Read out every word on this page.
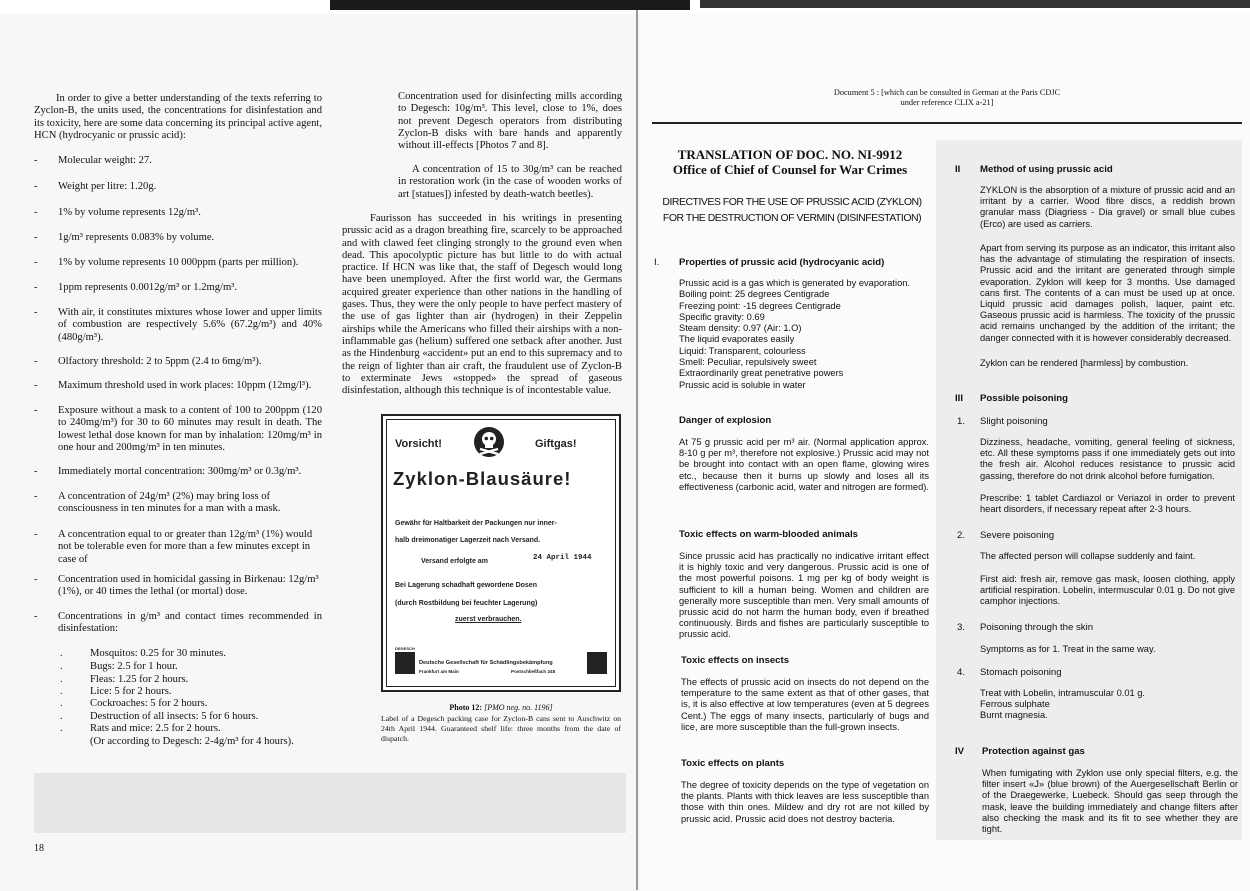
In order to give a better understanding of the texts referring to Zyclon-B, the units used, the concentrations for disinfestation and its toxicity, here are some data concerning its principal active agent, HCN (hydrocyanic or prussic acid):
- Molecular weight: 27.
- Weight per litre: 1.20g.
- 1% by volume represents 12g/m³.
- 1g/m³ represents 0.083% by volume.
- 1% by volume represents 10 000ppm (parts per million).
- 1ppm represents 0.0012g/m³ or 1.2mg/m³.
- With air, it constitutes mixtures whose lower and upper limits of combustion are respectively 5.6% (67.2g/m³) and 40% (480g/m³).
- Olfactory threshold: 2 to 5ppm (2.4 to 6mg/m³).
- Maximum threshold used in work places: 10ppm (12mg/l³).
- Exposure without a mask to a content of 100 to 200ppm (120 to 240mg/m³) for 30 to 60 minutes may result in death. The lowest lethal dose known for man by inhalation: 120mg/m³ in one hour and 200mg/m³ in ten minutes.
- Immediately mortal concentration: 300mg/m³ or 0.3g/m³.
- A concentration of 24g/m³ (2%) may bring loss of consciousness in ten minutes for a man with a mask.
- A concentration equal to or greater than 12g/m³ (1%) would not be tolerable even for more than a few minutes except in case of
- Concentration used in homicidal gassing in Birkenau: 12g/m³ (1%), or 40 times the lethal (or mortal) dose.
- Concentrations in g/m³ and contact times recommended in disinfestation:
.	Mosquitos: 0.25 for 30 minutes.
.	Bugs: 2.5 for 1 hour.
.	Fleas: 1.25 for 2 hours.
.	Lice: 5 for 2 hours.
.	Cockroaches: 5 for 2 hours.
.	Destruction of all insects: 5 for 6 hours.
.	Rats and mice: 2.5 for 2 hours.
(Or according to Degesch: 2-4g/m³ for 4 hours).
Concentration used for disinfecting mills according to Degesch: 10g/m³. This level, close to 1%, does not prevent Degesch operators from distributing Zyclon-B disks with bare hands and apparently without ill-effects [Photos 7 and 8].
A concentration of 15 to 30g/m³ can be reached in restoration work (in the case of wooden works of art [statues]) infested by death-watch beetles).
Faurisson has succeeded in his writings in presenting prussic acid as a dragon breathing fire, scarcely to be approached and with clawed feet clinging strongly to the ground even when dead. This apocolyptic picture has but little to do with actual practice. If HCN was like that, the staff of Degesch would long have been unemployed. After the first world war, the Germans acquired greater experience than other nations in the handling of gases. Thus, they were the only people to have perfect mastery of the use of gas lighter than air (hydrogen) in their Zeppelin airships while the Americans who filled their airships with a non-inflammable gas (helium) suffered one setback after another. Just as the Hindenburg «accident» put an end to this supremacy and to the reign of lighter than air craft, the fraudulent use of Zyclon-B to exterminate Jews «stopped» the spread of gaseous disinfestation, although this technique is of incontestable value.
Vorsicht!	Giftgas!
Zyklon-Blausäure!
Gewähr für Haltbarkeit der Packungen nur inner-
halb dreimonatiger Lagerzeit nach Versand.
Versand erfolgte am	24 April 1944
Bei Lagerung schadhaft gewordene Dosen
(durch Rostbildung bei feuchter Lagerung)
zuerst verbrauchen.
Deutsche Gesellschaft für Schädlingsbekämpfung
Frankfurt am Main	Postschließfach 248
DEGESCH
Photo 12: [PMO neg. no. 1196]
Label of a Degesch packing case for Zyclon-B cans sent to Auschwitz on 24th April 1944. Guaranteed shelf life: three months from the date of dispatch.
18
Document 5 : [which can be consulted in German at the Paris CDJC
under reference CLIX a-21]
TRANSLATION OF DOC. NO. NI-9912
Office of Chief of Counsel for War Crimes
DIRECTIVES FOR THE USE OF PRUSSIC ACID (ZYKLON)
FOR THE DESTRUCTION OF VERMIN (DISINFESTATION)
I. Properties of prussic acid (hydrocyanic acid)
Prussic acid is a gas which is generated by evaporation.
Boiling point: 25 degrees Centigrade
Freezing point: -15 degrees Centigrade
Specific gravity: 0.69
Steam density: 0.97 (Air: 1.O)
The liquid evaporates easily
Liquid: Transparent, colourless
Smell: Peculiar, repulsively sweet
Extraordinarily great penetrative powers
Prussic acid is soluble in water
Danger of explosion
At 75 g prussic acid per m³ air. (Normal application approx. 8-10 g per m³, therefore not explosive.) Prussic acid may not be brought into contact with an open flame, glowing wires etc., because then it burns up slowly and loses all its effectiveness (carbonic acid, water and nitrogen are formed).
Toxic effects on warm-blooded animals
Since prussic acid has practically no indicative irritant effect it is highly toxic and very dangerous. Prussic acid is one of the most powerful poisons. 1 mg per kg of body weight is sufficient to kill a human being. Women and children are generally more susceptible than men. Very small amounts of prussic acid do not harm the human body, even if breathed continuously. Birds and fishes are particularly susceptible to prussic acid.
Toxic effects on insects
The effects of prussic acid on insects do not depend on the temperature to the same extent as that of other gases, that is, it is also effective at low temperatures (even at 5 degrees Cent.) The eggs of many insects, particularly of bugs and lice, are more susceptible than the full-grown insects.
Toxic effects on plants
The degree of toxicity depends on the type of vegetation on the plants. Plants with thick leaves are less susceptible than those with thin ones. Mildew and dry rot are not killed by prussic acid. Prussic acid does not destroy bacteria.
II Method of using prussic acid
ZYKLON is the absorption of a mixture of prussic acid and an irritant by a carrier. Wood fibre discs, a reddish brown granular mass (Diagriess - Dia gravel) or small blue cubes (Erco) are used as carriers.
Apart from serving its purpose as an indicator, this irritant also has the advantage of stimulating the respiration of insects. Prussic acid and the irritant are generated through simple evaporation. Zyklon will keep for 3 months. Use damaged cans first. The contents of a can must be used up at once. Liquid prussic acid damages polish, laquer, paint etc. Gaseous prussic acid is harmless. The toxicity of the prussic acid remains unchanged by the addition of the irritant; the danger connected with it is however considerably decreased.
Zyklon can be rendered [harmless] by combustion.
III Possible poisoning
1. Slight poisoning
Dizziness, headache, vomiting, general feeling of sickness, etc. All these symptoms pass if one immediately gets out into the fresh air. Alcohol reduces resistance to prussic acid gassing, therefore do not drink alcohol before fumigation.
Prescribe: 1 tablet Cardiazol or Veriazol in order to prevent heart disorders, if necessary repeat after 2-3 hours.
2. Severe poisoning
The affected person will collapse suddenly and faint.
First aid: fresh air, remove gas mask, loosen clothing, apply artificial respiration. Lobelin, intermuscular 0.01 g. Do not give camphor injections.
3. Poisoning through the skin
Symptoms as for 1. Treat in the same way.
4. Stomach poisoning
Treat with Lobelin, intramuscular 0.01 g.
Ferrous sulphate
Burnt magnesia.
IV Protection against gas
When fumigating with Zyklon use only special filters, e.g. the filter insert «J» (blue brown) of the Auergesellschaft Berlin or of the Draegewerke, Luebeck. Should gas seep through the mask, leave the building immediately and change filters after also checking the mask and its fit to see whether they are tight.
